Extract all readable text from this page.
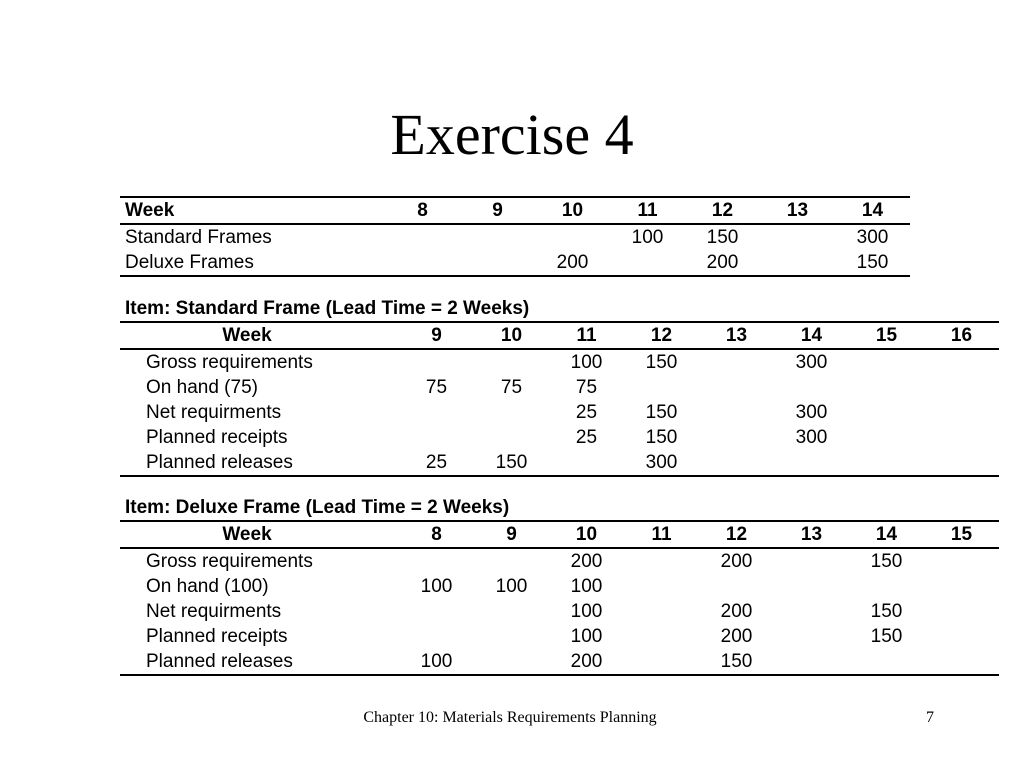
Exercise 4
Week	8	9	10	11	12	13	14
Standard Frames				100	150		300
Deluxe Frames			200		200		150
Item: Standard Frame (Lead Time = 2 Weeks)
Week	9	10	11	12	13	14	15	16
Gross requirements			100	150		300		
On hand (75)	75	75	75					
Net requirments			25	150		300		
Planned receipts			25	150		300		
Planned releases	25	150		300				
Item: Deluxe Frame (Lead Time = 2 Weeks)
Week	8	9	10	11	12	13	14	15
Gross requirements			200		200		150	
On hand (100)	100	100	100					
Net requirments			100		200		150	
Planned receipts			100		200		150	
Planned releases	100		200		150			
Chapter 10: Materials Requirements Planning	7
